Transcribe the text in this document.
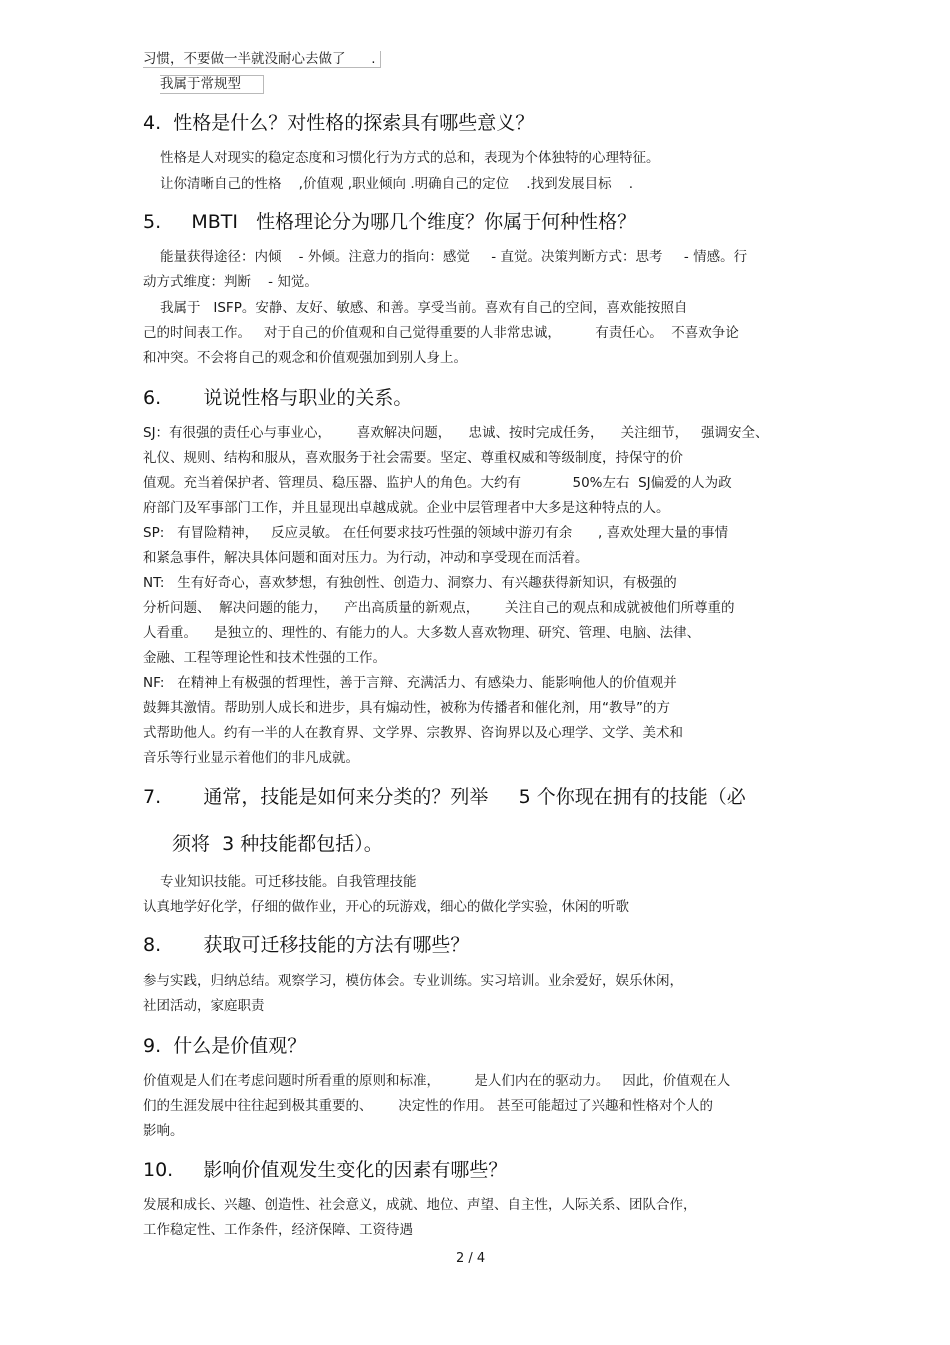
习惯，不要做一半就没耐心去做了      .
我属于常规型
4.  性格是什么？对性格的探索具有哪些意义？
性格是人对现实的稳定态度和习惯化行为方式的总和，表现为个体独特的心理特征。
让你清晰自己的性格    ,价值观 ,职业倾向 .明确自己的定位    .找到发展目标    .
5.     MBTI   性格理论分为哪几个维度？你属于何种性格？
能量获得途径：内倾    - 外倾。注意力的指向：感觉     - 直觉。决策判断方式：思考     - 情感。行
动方式维度：判断    - 知觉。
我属于   ISFP。安静、友好、敏感、和善。享受当前。喜欢有自己的空间，喜欢能按照自
己的时间表工作。   对于自己的价值观和自己觉得重要的人非常忠诚，        有责任心。  不喜欢争论
和冲突。不会将自己的观念和价值观强加到别人身上。
6.       说说性格与职业的关系。
SJ：有很强的责任心与事业心，      喜欢解决问题，    忠诚、按时完成任务，    关注细节，   强调安全、
礼仪、规则、结构和服从，喜欢服务于社会需要。坚定、尊重权威和等级制度，持保守的价
值观。充当着保护者、管理员、稳压器、监护人的角色。大约有            50%左右  SJ偏爱的人为政
府部门及军事部门工作，并且显现出卓越成就。企业中层管理者中大多是这种特点的人。
SP:   有冒险精神，   反应灵敏。 在任何要求技巧性强的领域中游刃有余      , 喜欢处理大量的事情
和紧急事件，解决具体问题和面对压力。为行动，冲动和享受现在而活着。
NT:   生有好奇心，喜欢梦想，有独创性、创造力、洞察力、有兴趣获得新知识，有极强的
分析问题、  解决问题的能力，    产出高质量的新观点，      关注自己的观点和成就被他们所尊重的
人看重。    是独立的、理性的、有能力的人。大多数人喜欢物理、研究、管理、电脑、法律、
金融、工程等理论性和技术性强的工作。
NF:   在精神上有极强的哲理性，善于言辩、充满活力、有感染力、能影响他人的价值观并
鼓舞其激情。帮助别人成长和进步，具有煽动性，被称为传播者和催化剂，用“教导”的方
式帮助他人。约有一半的人在教育界、文学界、宗教界、咨询界以及心理学、文学、美术和
音乐等行业显示着他们的非凡成就。
7.       通常，技能是如何来分类的？列举     5 个你现在拥有的技能（必
须将  3 种技能都包括）。
专业知识技能。可迁移技能。自我管理技能
认真地学好化学，仔细的做作业，开心的玩游戏，细心的做化学实验，休闲的听歌
8.       获取可迁移技能的方法有哪些？
参与实践，归纳总结。观察学习，模仿体会。专业训练。实习培训。业余爱好，娱乐休闲，
社团活动，家庭职责
9.  什么是价值观？
价值观是人们在考虑问题时所看重的原则和标准，        是人们内在的驱动力。   因此，价值观在人
们的生涯发展中往往起到极其重要的、      决定性的作用。 甚至可能超过了兴趣和性格对个人的
影响。
10.     影响价值观发生变化的因素有哪些？
发展和成长、兴趣、创造性、社会意义，成就、地位、声望、自主性，人际关系、团队合作，
工作稳定性、工作条件，经济保障、工资待遇
2 / 4
